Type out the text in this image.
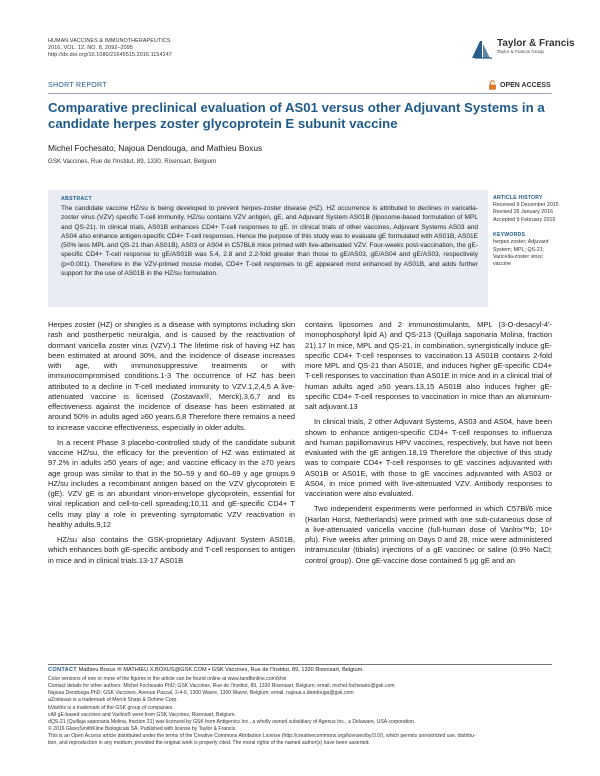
HUMAN VACCINES & IMMUNOTHERAPEUTICS
2016, VOL. 12, NO. 8, 2092–2095
http://dx.doi.org/10.1080/21645515.2016.1154247
Taylor & Francis
Taylor & Francis Group
SHORT REPORT	OPEN ACCESS
Comparative preclinical evaluation of AS01 versus other Adjuvant Systems in a candidate herpes zoster glycoprotein E subunit vaccine
Michel Fochesato, Najoua Dendouga, and Mathieu Boxus
GSK Vaccines, Rue de l'Institut, 89, 1330, Rixensart, Belgium
ABSTRACT
The candidate vaccine HZ/su is being developed to prevent herpes-zoster disease (HZ). HZ occurrence is attributed to declines in varicella-zoster virus (VZV) specific T-cell immunity. HZ/su contains VZV antigen, gE, and Adjuvant System AS01B (liposome-based formulation of MPL and QS-21). In clinical trials, AS01B enhances CD4+ T-cell responses to gE. In clinical trials of other vaccines, Adjuvant Systems AS03 and AS04 also enhance antigen-specific CD4+ T-cell responses. Hence the purpose of this study was to evaluate gE formulated with AS01B, AS01E (50% less MPL and QS-21 than AS01B), AS03 or AS04 in C57BL6 mice primed with live-attenuated VZV. Four-weeks post-vaccination, the gE-specific CD4+ T-cell response to gE/AS01B was 5.4, 2.8 and 2.2-fold greater than those to gE/AS03, gE/AS04 and gE/AS03, respectively (p<0.001). Therefore in the VZV-primed mouse model, CD4+ T-cell responses to gE appeared most enhanced by AS01B, and adds further support for the use of AS01B in the HZ/su formulation.
ARTICLE HISTORY
Received 9 December 2015
Revised 26 January 2016
Accepted 9 February 2016
KEYWORDS
herpes zoster; Adjuvant System; MPL; QS-21; Varicella-zoster virus; vaccine

Herpes zoster (HZ) or shingles is a disease with symptoms including skin rash and postherpetic neuralgia, and is caused by the reactivation of dormant varicella zoster virus (VZV).1 The lifetime risk of having HZ has been estimated at around 30%, and the incidence of disease increases with age, with immunosuppressive treatments or with immunocompromised conditions.1-3 The occurrence of HZ has been attributed to a decline in T-cell mediated immunity to VZV.1,2,4,5 A live-attenuated vaccine is licensed (Zostavax®, Merck),3,6,7 and its effectiveness against the incidence of disease has been estimated at around 50% in adults aged ≥60 years.6,8 Therefore there remains a need to increase vaccine effectiveness, especially in older adults.

In a recent Phase 3 placebo-controlled study of the candidate subunit vaccine HZ/su, the efficacy for the prevention of HZ was estimated at 97.2% in adults ≥50 years of age; and vaccine efficacy in the ≥70 years age group was similar to that in the 50–59 y and 60–69 y age groups.9 HZ/su includes a recombinant antigen based on the VZV glycoprotein E (gE). VZV gE is an abundant virion-envelope glycoprotein, essential for viral replication and cell-to-cell spreading;10,11 and gE-specific CD4+ T cells may play a role in preventing symptomatic VZV reactivation in healthy adults.9,12

HZ/su also contains the GSK-proprietary Adjuvant System AS01B, which enhances both gE-specific antibody and T-cell responses to antigen in mice and in clinical trials.13-17 AS01B

contains liposomes and 2 immunostimulants, MPL (3-O-desacyl-4'-monophosphoryl lipid A) and QS-213 (Quillaja saponaria Molina, fraction 21).17 In mice, MPL and QS-21, in combination, synergistically induce gE-specific CD4+ T-cell responses to vaccination.13 AS01B contains 2-fold more MPL and QS-21 than AS01E, and induces higher gE-specific CD4+ T-cell responses to vaccination than AS01E in mice and in a clinical trial of human adults aged ≥50 years.13,15 AS01B also induces higher gE-specific CD4+ T-cell responses to vaccination in mice than an aluminum-salt adjuvant.13

In clinical trials, 2 other Adjuvant Systems, AS03 and AS04, have been shown to enhance antigen-specific CD4+ T-cell responses to influenza and human papillomavirus HPV vaccines, respectively, but have not been evaluated with the gE antigen.18,19 Therefore the objective of this study was to compare CD4+ T-cell responses to gE vaccines adjuvanted with AS01B or AS01E, with those to gE vaccines adjuvanted with AS03 or AS04, in mice primed with live-attenuated VZV. Antibody responses to vaccination were also evaluated.

Two independent experiments were performed in which C57Bl/6 mice (Harlan Horst, Netherlands) were primed with one sub-cutaneous dose of a live-attenuated varicella vaccine (full-human dose of Varilrix™b; 10⁴ pfu). Five weeks after priming on Days 0 and 28, mice were administered intramuscular (tibialis) injections of a gE vaccinec or saline (0.9% NaCl; control group). One gE-vaccine dose contained 5 μg gE and an

CONTACT Mathieu Boxus ✉ MATHIEU.X.BOXUS@GSK.COM ▪ GSK Vaccines, Rue de l'Institut, 89, 1330 Rixensart, Belgium.
Color versions of one or more of the figures in the article can be found online at www.tandfonline.com/khvi
Contact details for other authors: Michel Fochesato PhD; GSK Vaccines, Rue de l'Institut, 89, 1330 Rixensart, Belgium; email, michel.fochesato@gsk.com
Najoua Dendouga PhD; GSK Vaccines, Avenue Pascal, 2-4-6, 1300 Wavre, 1300 Wavre, Belgium; email, najoua.x.dendouga@gsk.com
aZostavax is a trademark of Merck Sharp & Dohme Corp.
bVarilrix is a trademark of the GSK group of companies.
cAll gE-based vaccines and Varilrix® were from GSK Vaccines, Rixensart, Belgium.
dQS-21 (Quillaja saponaria Molina, fraction 21) was licensed by GSK from Antigenics Inc., a wholly owned subsidiary of Agenus Inc., a Delaware, USA corporation.
© 2016 GlaxoSmithKline Biologicals SA. Published with license by Taylor & Francis.
This is an Open Access article distributed under the terms of the Creative Commons Attribution License (http://creativecommons.org/licenses/by/3.0/), which permits unrestricted use, distribu-
tion, and reproduction in any medium, provided the original work is properly cited. The moral rights of the named author(s) have been asserted.
